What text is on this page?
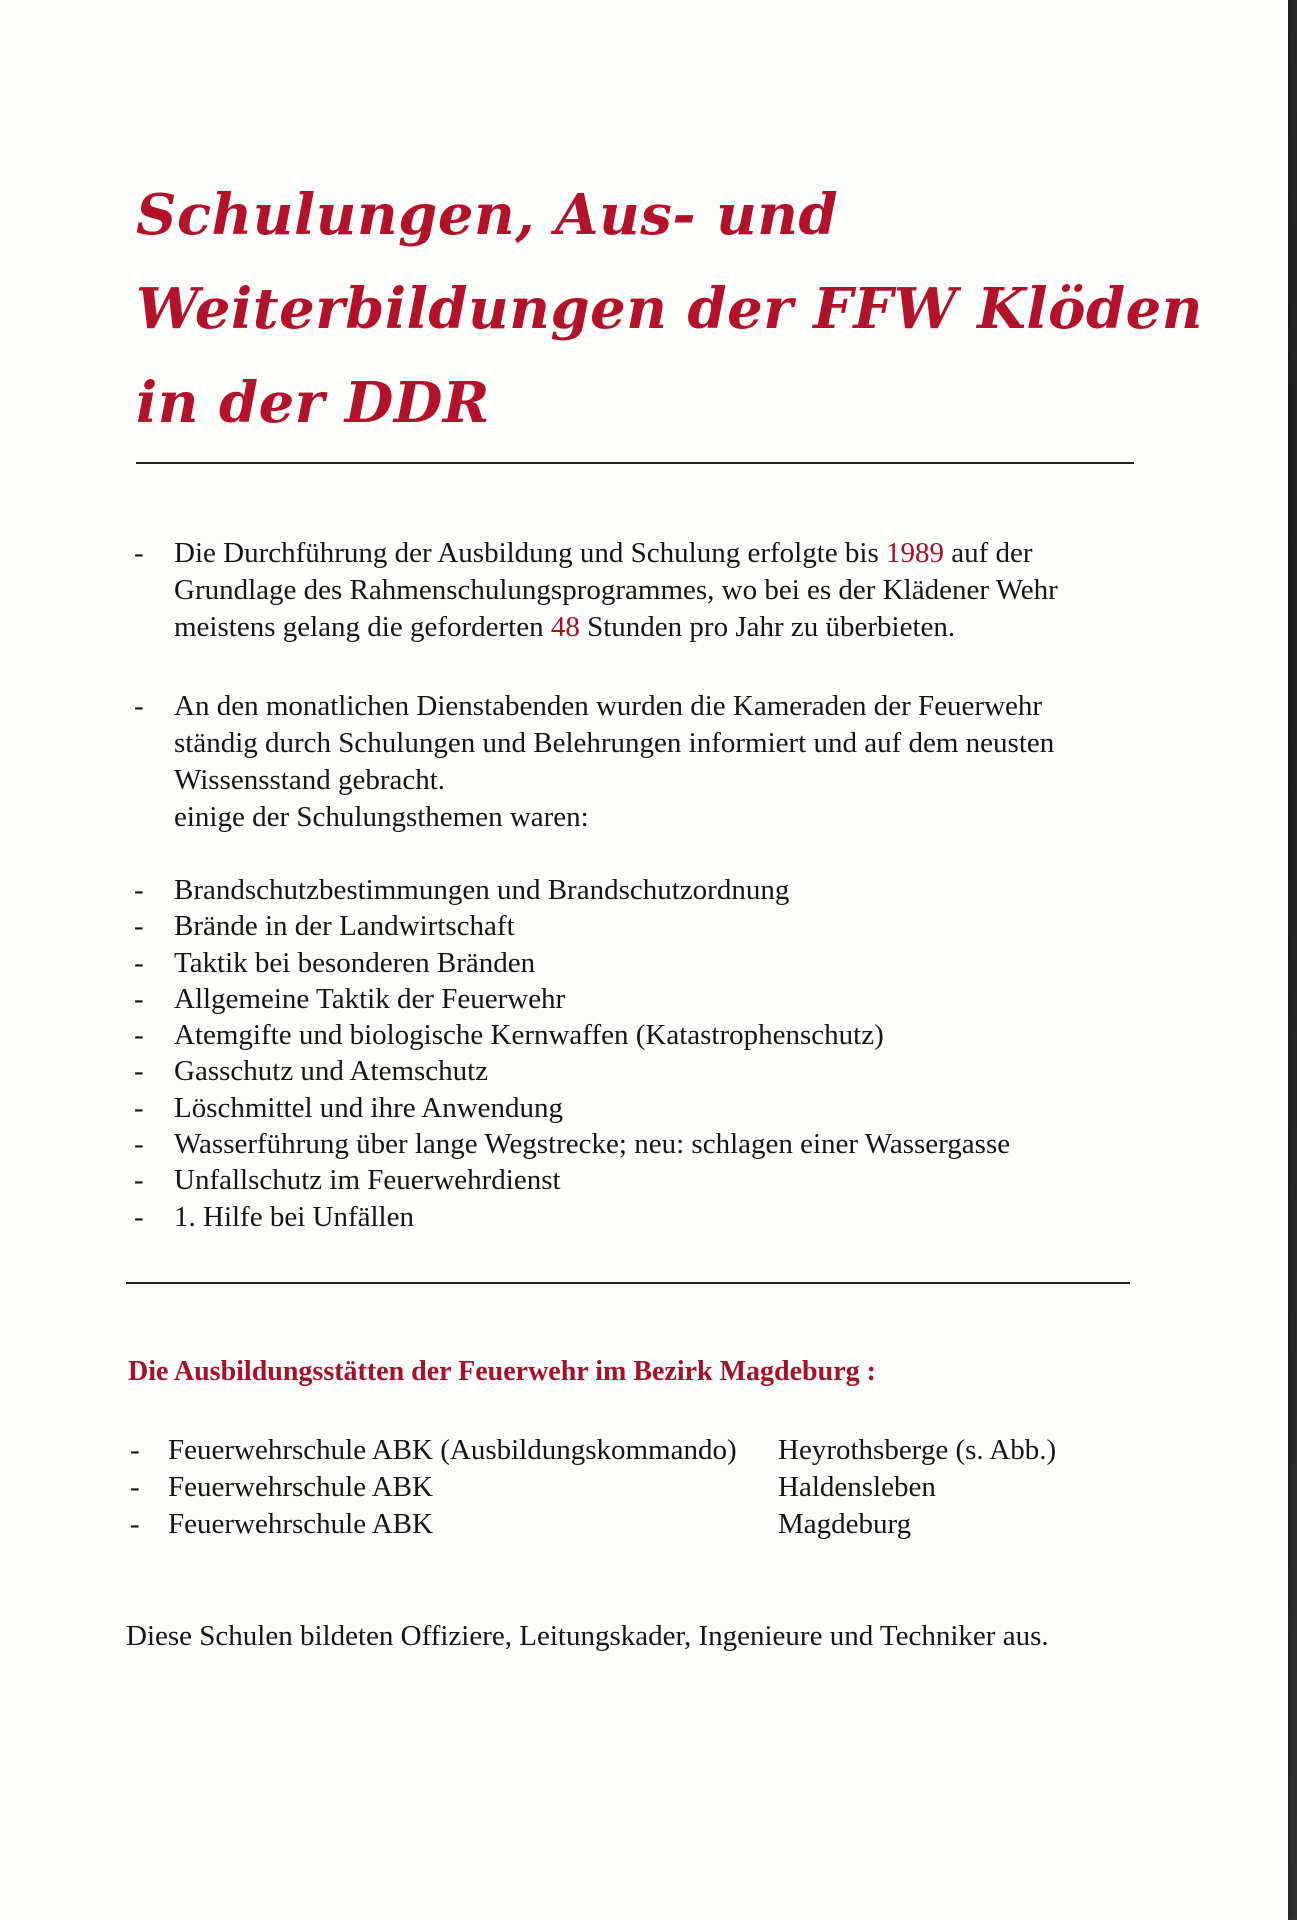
Schulungen, Aus- und
Weiterbildungen der FFW Klöden
in der DDR

-	Die Durchführung der Ausbildung und Schulung erfolgte bis 1989 auf der Grundlage des Rahmenschulungsprogrammes, wo bei es der Klädener Wehr meistens gelang die geforderten 48 Stunden pro Jahr zu überbieten.

-	An den monatlichen Dienstabenden wurden die Kameraden der Feuerwehr ständig durch Schulungen und Belehrungen informiert und auf dem neusten Wissensstand gebracht.
einige der Schulungsthemen waren:

-	Brandschutzbestimmungen und Brandschutzordnung

-	Brände in der Landwirtschaft

-	Taktik bei besonderen Bränden

-	Allgemeine Taktik der Feuerwehr

-	Atemgifte und biologische Kernwaffen (Katastrophenschutz)

-	Gasschutz und Atemschutz

-	Löschmittel und ihre Anwendung

-	Wasserführung über lange Wegstrecke; neu: schlagen einer Wassergasse

-	Unfallschutz im Feuerwehrdienst

-	1. Hilfe bei Unfällen

Die Ausbildungsstätten der Feuerwehr im Bezirk Magdeburg :
- Feuerwehrschule ABK (Ausbildungskommando)	Heyrothsberge (s. Abb.)
- Feuerwehrschule ABK	Haldensleben
- Feuerwehrschule ABK	Magdeburg

Diese Schulen bildeten Offiziere, Leitungskader, Ingenieure und Techniker aus.
